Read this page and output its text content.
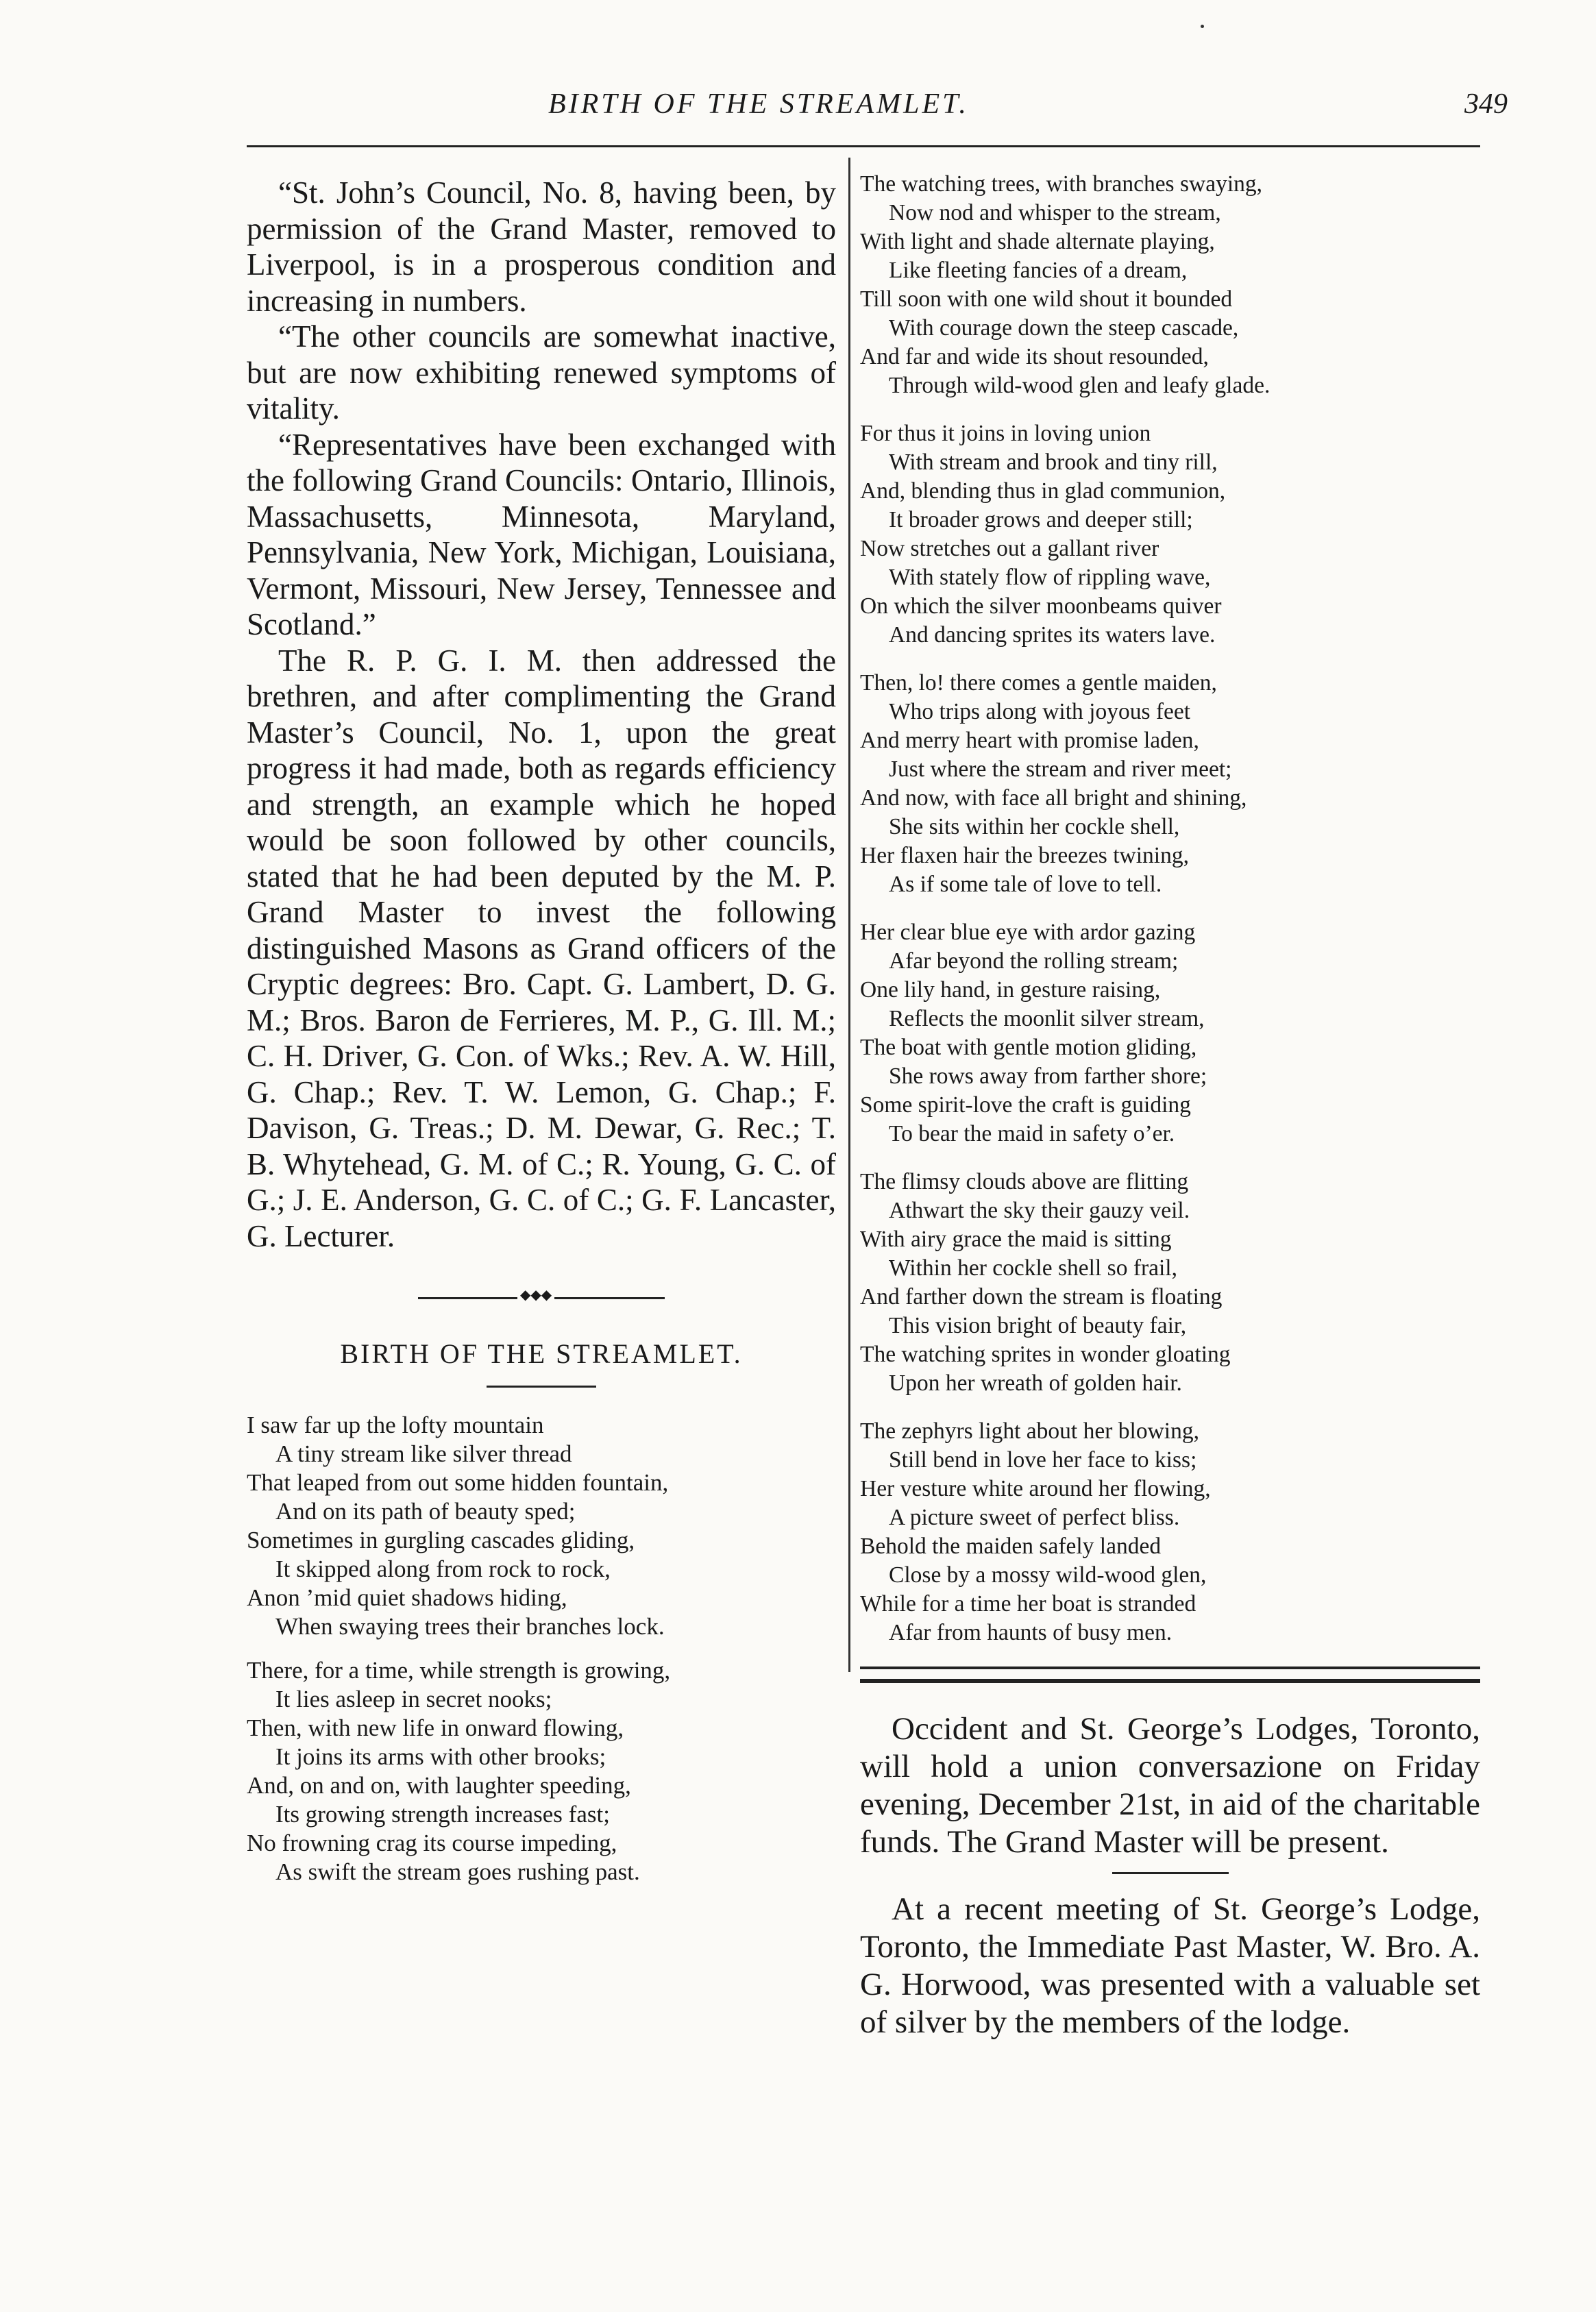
BIRTH OF THE STREAMLET.	349

“St. John’s Council, No. 8, having been, by permission of the Grand Master, removed to Liverpool, is in a prosperous condition and increasing in numbers.

“The other councils are somewhat inactive, but are now exhibiting renewed symptoms of vitality.

“Representatives have been exchanged with the following Grand Councils: Ontario, Illinois, Massachusetts, Minnesota, Maryland, Pennsylvania, New York, Michigan, Louisiana, Vermont, Missouri, New Jersey, Tennessee and Scotland.”

The R. P. G. I. M. then addressed the brethren, and after complimenting the Grand Master’s Council, No. 1, upon the great progress it had made, both as regards efficiency and strength, an example which he hoped would be soon followed by other councils, stated that he had been deputed by the M. P. Grand Master to invest the following distinguished Masons as Grand officers of the Cryptic degrees: Bro. Capt. G. Lambert, D. G. M.; Bros. Baron de Ferrieres, M. P., G. Ill. M.; C. H. Driver, G. Con. of Wks.; Rev. A. W. Hill, G. Chap.; Rev. T. W. Lemon, G. Chap.; F. Davison, G. Treas.; D. M. Dewar, G. Rec.; T. B. Whytehead, G. M. of C.; R. Young, G. C. of G.; J. E. Anderson, G. C. of C.; G. F. Lancaster, G. Lecturer.

◆◆◆

BIRTH OF THE STREAMLET.

I saw far up the lofty mountain

A tiny stream like silver thread

That leaped from out some hidden fountain,

And on its path of beauty sped;

Sometimes in gurgling cascades gliding,

It skipped along from rock to rock,

Anon ’mid quiet shadows hiding,

When swaying trees their branches lock.

There, for a time, while strength is growing,

It lies asleep in secret nooks;

Then, with new life in onward flowing,

It joins its arms with other brooks;

And, on and on, with laughter speeding,

Its growing strength increases fast;

No frowning crag its course impeding,

As swift the stream goes rushing past.

The watching trees, with branches swaying,

Now nod and whisper to the stream,

With light and shade alternate playing,

Like fleeting fancies of a dream,

Till soon with one wild shout it bounded

With courage down the steep cascade,

And far and wide its shout resounded,

Through wild-wood glen and leafy glade.

For thus it joins in loving union

With stream and brook and tiny rill,

And, blending thus in glad communion,

It broader grows and deeper still;

Now stretches out a gallant river

With stately flow of rippling wave,

On which the silver moonbeams quiver

And dancing sprites its waters lave.

Then, lo! there comes a gentle maiden,

Who trips along with joyous feet

And merry heart with promise laden,

Just where the stream and river meet;

And now, with face all bright and shining,

She sits within her cockle shell,

Her flaxen hair the breezes twining,

As if some tale of love to tell.

Her clear blue eye with ardor gazing

Afar beyond the rolling stream;

One lily hand, in gesture raising,

Reflects the moonlit silver stream,

The boat with gentle motion gliding,

She rows away from farther shore;

Some spirit-love the craft is guiding

To bear the maid in safety o’er.

The flimsy clouds above are flitting

Athwart the sky their gauzy veil.

With airy grace the maid is sitting

Within her cockle shell so frail,

And farther down the stream is floating

This vision bright of beauty fair,

The watching sprites in wonder gloating

Upon her wreath of golden hair.

The zephyrs light about her blowing,

Still bend in love her face to kiss;

Her vesture white around her flowing,

A picture sweet of perfect bliss.

Behold the maiden safely landed

Close by a mossy wild-wood glen,

While for a time her boat is stranded

Afar from haunts of busy men.

Occident and St. George’s Lodges, Toronto, will hold a union conversazione on Friday evening, December 21st, in aid of the charitable funds. The Grand Master will be present.

At a recent meeting of St. George’s Lodge, Toronto, the Immediate Past Master, W. Bro. A. G. Horwood, was presented with a valuable set of silver by the members of the lodge.
